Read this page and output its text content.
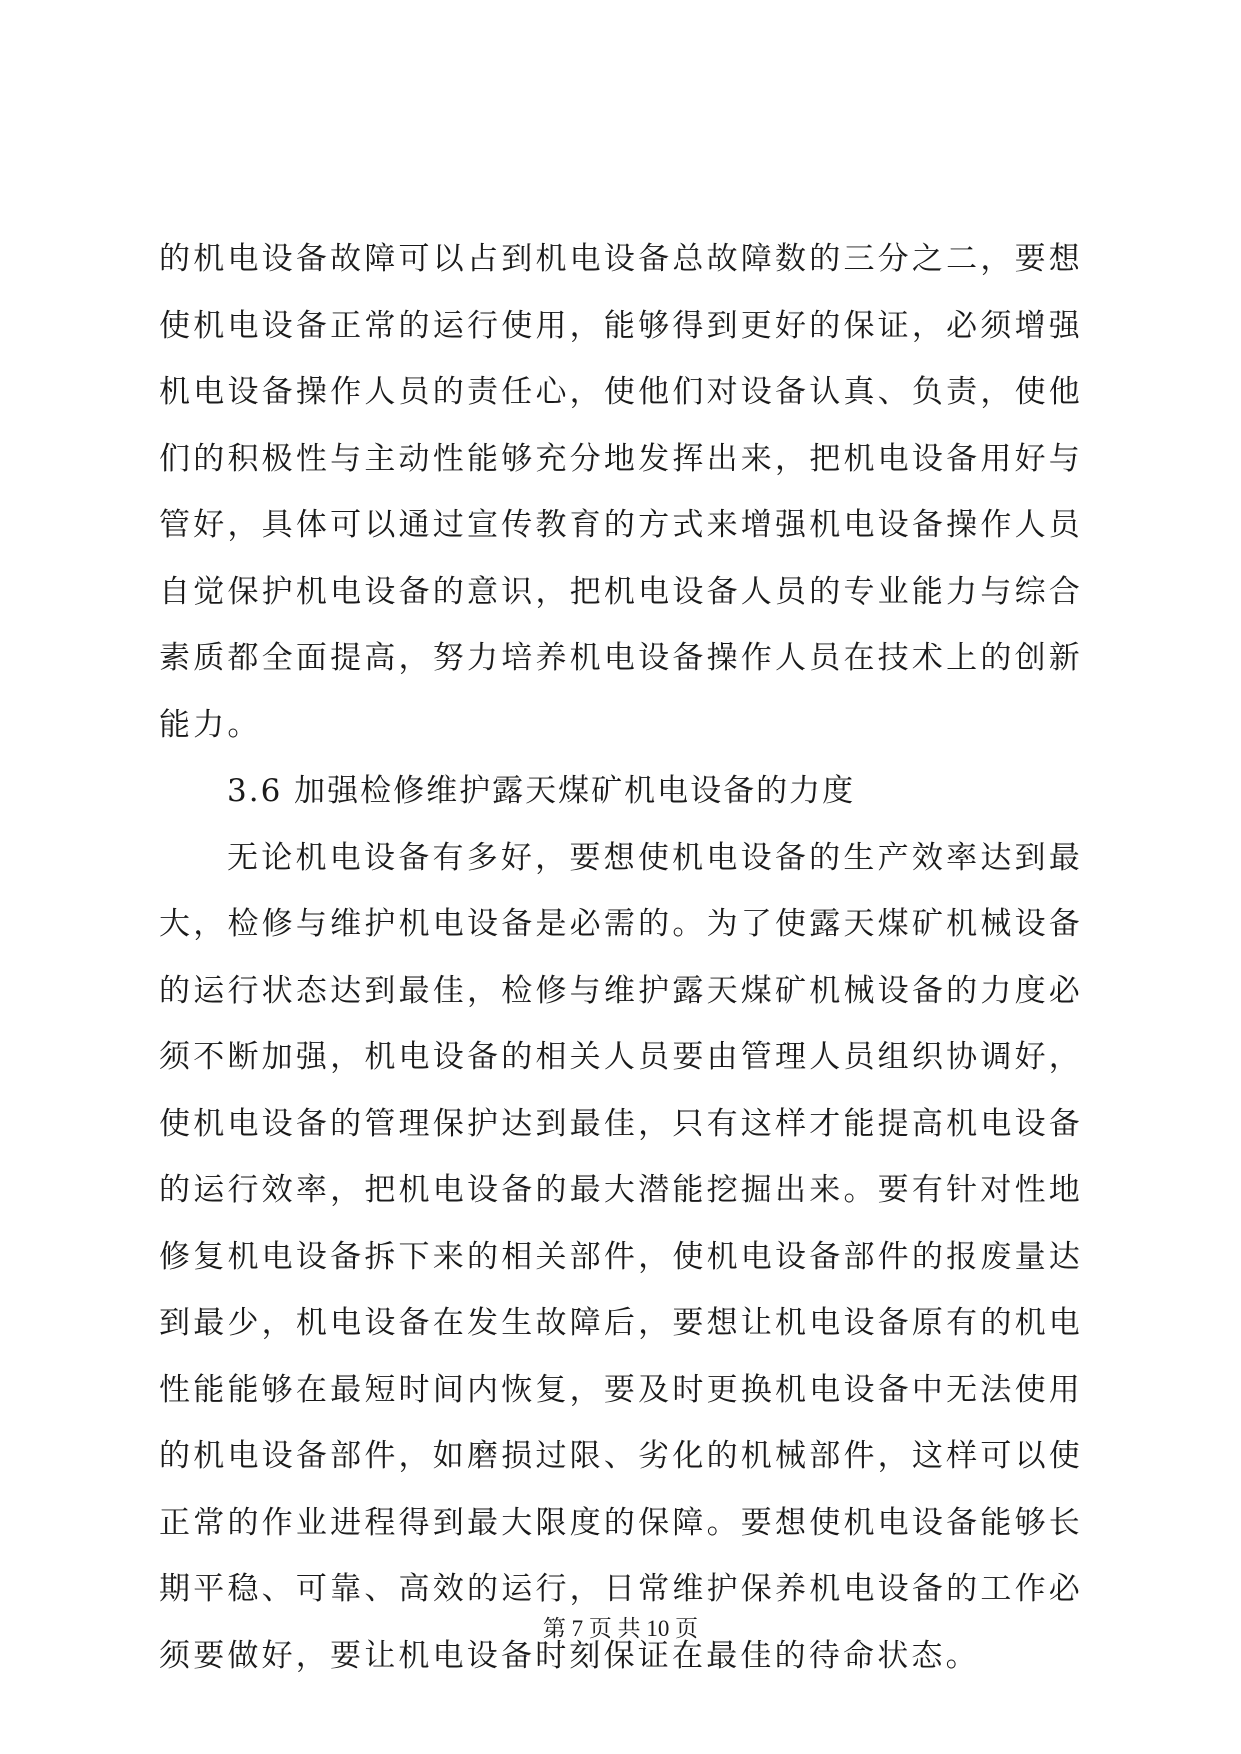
的机电设备故障可以占到机电设备总故障数的三分之二，要想使机电设备正常的运行使用，能够得到更好的保证，必须增强机电设备操作人员的责任心，使他们对设备认真、负责，使他们的积极性与主动性能够充分地发挥出来，把机电设备用好与管好，具体可以通过宣传教育的方式来增强机电设备操作人员自觉保护机电设备的意识，把机电设备人员的专业能力与综合素质都全面提高，努力培养机电设备操作人员在技术上的创新能力。

3.6 加强检修维护露天煤矿机电设备的力度

无论机电设备有多好，要想使机电设备的生产效率达到最大，检修与维护机电设备是必需的。为了使露天煤矿机械设备的运行状态达到最佳，检修与维护露天煤矿机械设备的力度必须不断加强，机电设备的相关人员要由管理人员组织协调好，使机电设备的管理保护达到最佳，只有这样才能提高机电设备的运行效率，把机电设备的最大潜能挖掘出来。要有针对性地修复机电设备拆下来的相关部件，使机电设备部件的报废量达到最少，机电设备在发生故障后，要想让机电设备原有的机电性能能够在最短时间内恢复，要及时更换机电设备中无法使用的机电设备部件，如磨损过限、劣化的机械部件，这样可以使正常的作业进程得到最大限度的保障。要想使机电设备能够长期平稳、可靠、高效的运行，日常维护保养机电设备的工作必须要做好，要让机电设备时刻保证在最佳的待命状态。

第 7 页 共 10 页
